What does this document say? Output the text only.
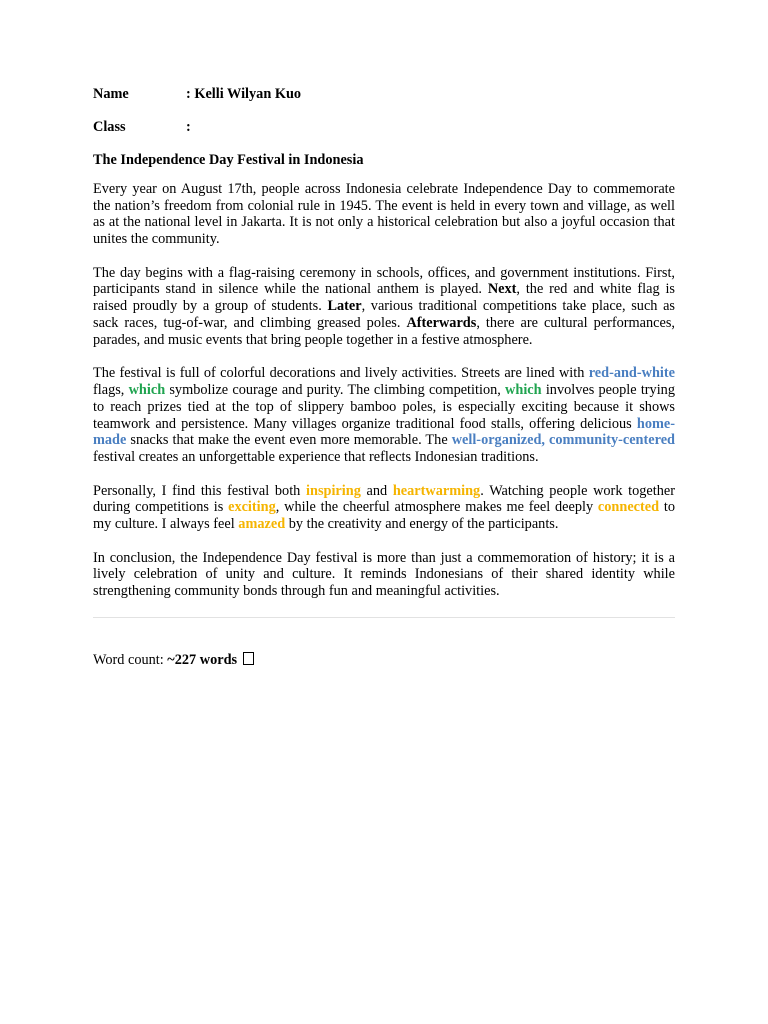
Name	: Kelli Wilyan Kuo
Class	:
The Independence Day Festival in Indonesia

Every year on August 17th, people across Indonesia celebrate Independence Day to commemorate the nation’s freedom from colonial rule in 1945. The event is held in every town and village, as well as at the national level in Jakarta. It is not only a historical celebration but also a joyful occasion that unites the community.

The day begins with a flag-raising ceremony in schools, offices, and government institutions. First, participants stand in silence while the national anthem is played. Next, the red and white flag is raised proudly by a group of students. Later, various traditional competitions take place, such as sack races, tug-of-war, and climbing greased poles. Afterwards, there are cultural performances, parades, and music events that bring people together in a festive atmosphere.

The festival is full of colorful decorations and lively activities. Streets are lined with red-and-white flags, which symbolize courage and purity. The climbing competition, which involves people trying to reach prizes tied at the top of slippery bamboo poles, is especially exciting because it shows teamwork and persistence. Many villages organize traditional food stalls, offering delicious home-made snacks that make the event even more memorable. The well-organized, community-centered festival creates an unforgettable experience that reflects Indonesian traditions.

Personally, I find this festival both inspiring and heartwarming. Watching people work together during competitions is exciting, while the cheerful atmosphere makes me feel deeply connected to my culture. I always feel amazed by the creativity and energy of the participants.

In conclusion, the Independence Day festival is more than just a commemoration of history; it is a lively celebration of unity and culture. It reminds Indonesians of their shared identity while strengthening community bonds through fun and meaningful activities.

Word count: ~227 words
